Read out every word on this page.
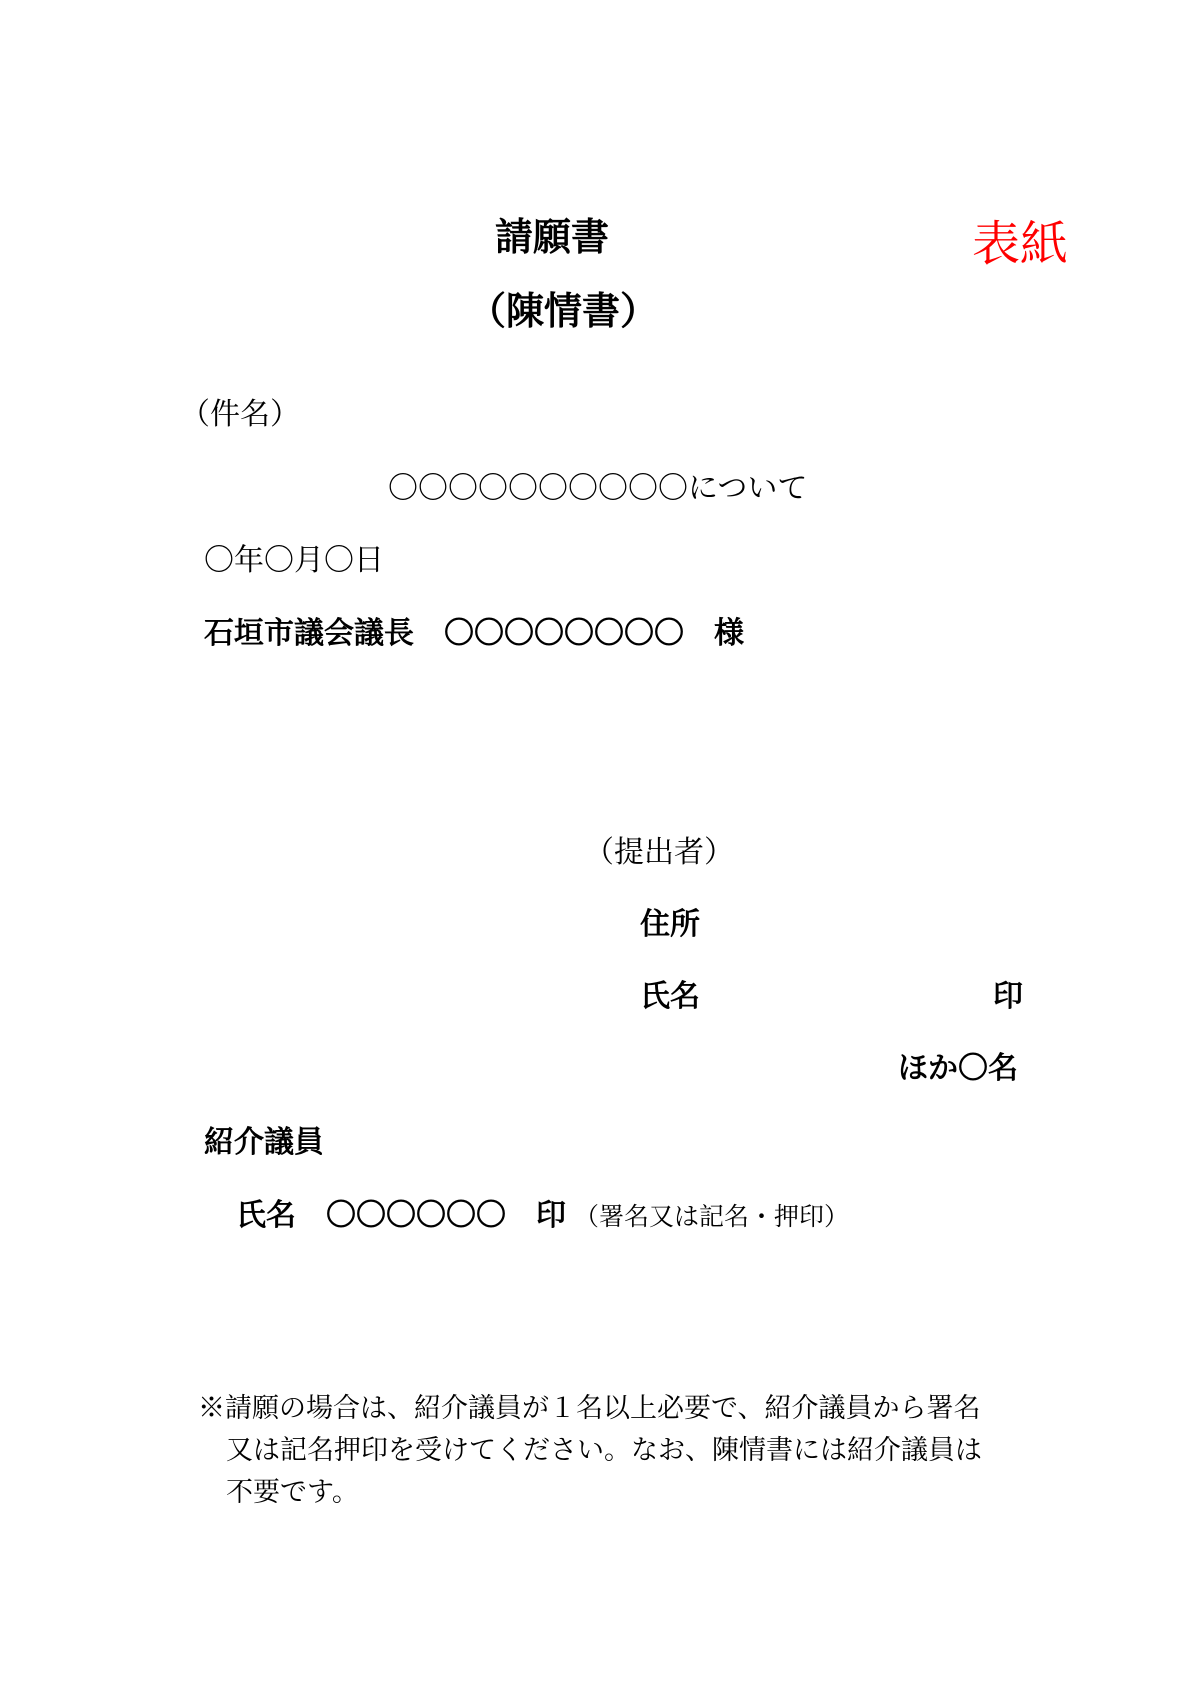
請願書	表紙
（陳情書）
（件名）
〇〇〇〇〇〇〇〇〇〇について
〇年〇月〇日
石垣市議会議長　〇〇〇〇〇〇〇〇　様
（提出者）
住所
氏名	印
ほか〇名
紹介議員
氏名　〇〇〇〇〇〇　印 （署名又は記名・押印）
※請願の場合は、紹介議員が１名以上必要で、紹介議員から署名
又は記名押印を受けてください。なお、陳情書には紹介議員は
不要です。
